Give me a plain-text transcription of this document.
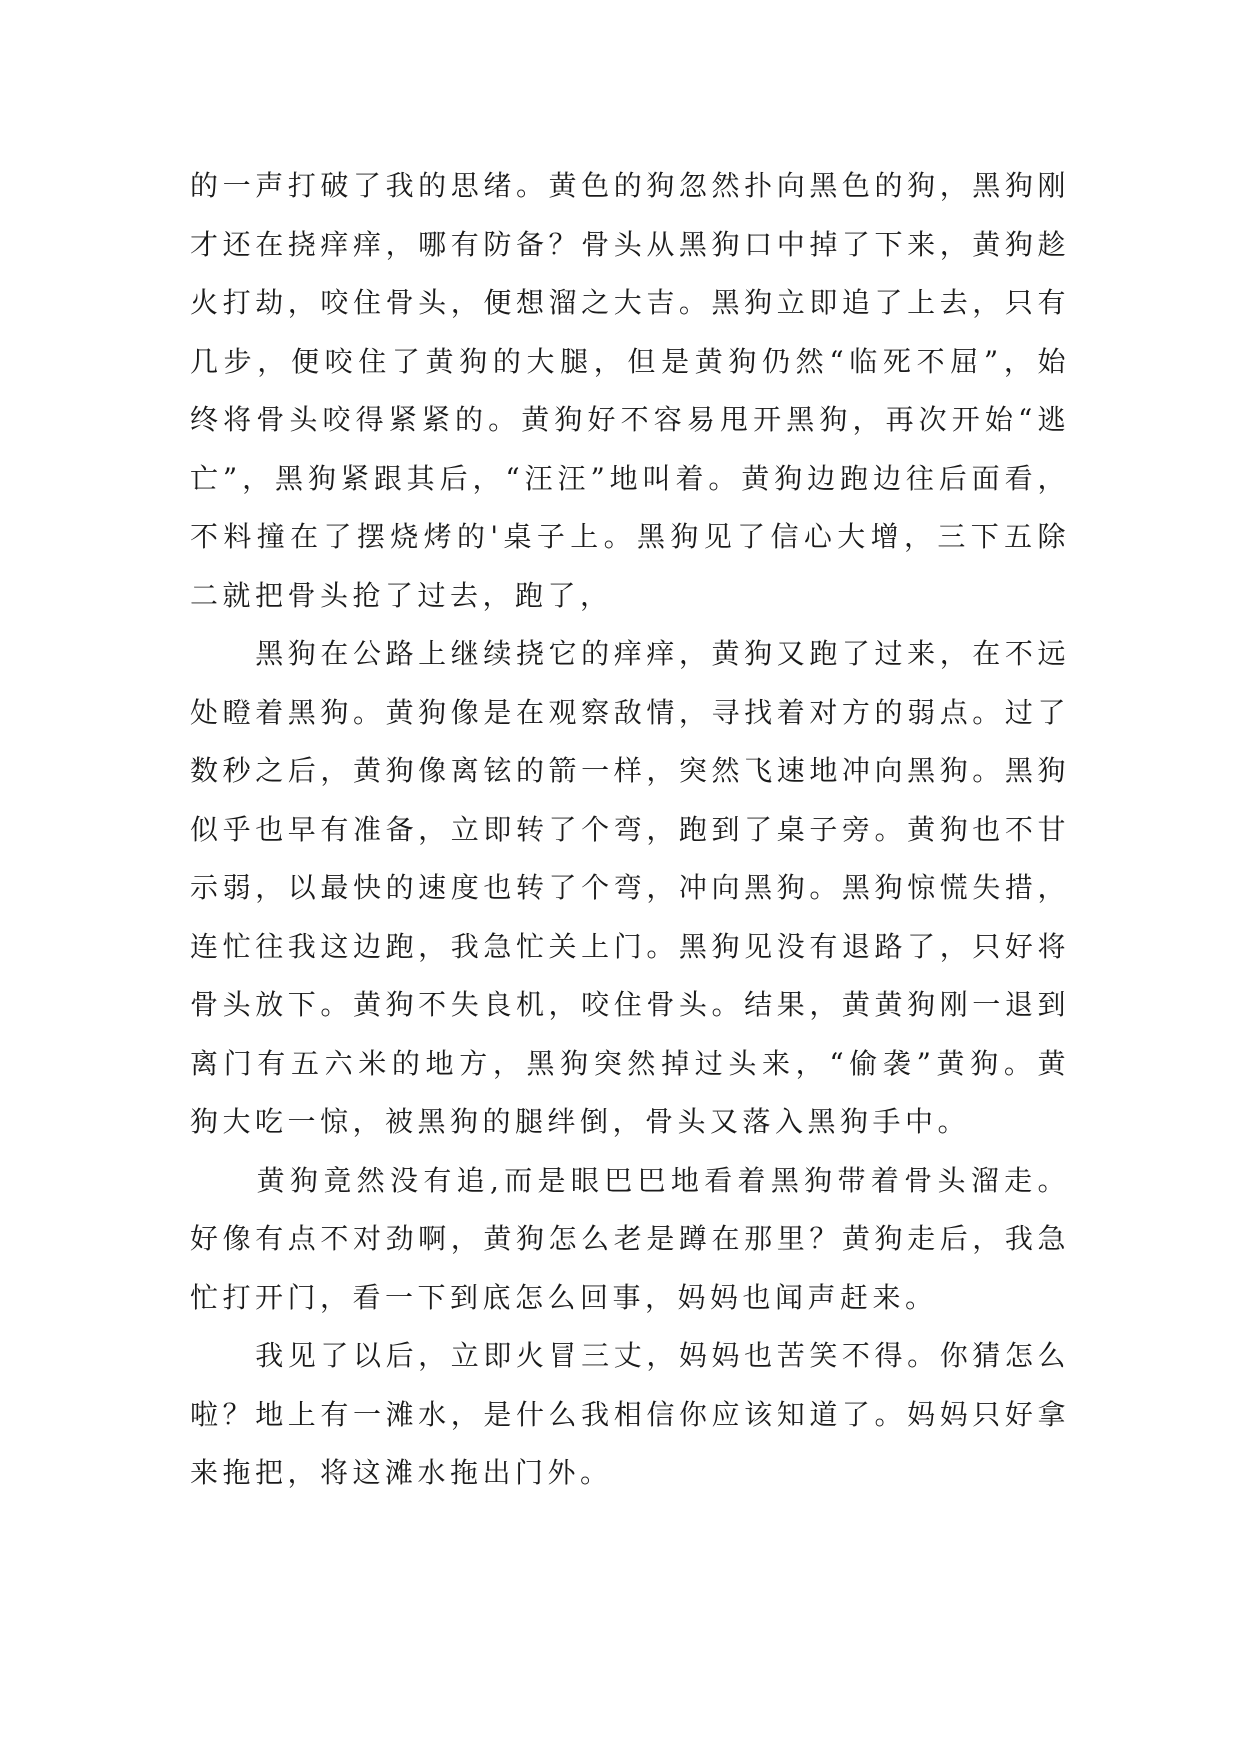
的一声打破了我的思绪。黄色的狗忽然扑向黑色的狗，黑狗刚才还在挠痒痒，哪有防备？骨头从黑狗口中掉了下来，黄狗趁火打劫，咬住骨头，便想溜之大吉。黑狗立即追了上去，只有几步，便咬住了黄狗的大腿，但是黄狗仍然“临死不屈”，始终将骨头咬得紧紧的。黄狗好不容易甩开黑狗，再次开始“逃亡”，黑狗紧跟其后，“汪汪”地叫着。黄狗边跑边往后面看，不料撞在了摆烧烤的'桌子上。黑狗见了信心大增，三下五除二就把骨头抢了过去，跑了，

　　黑狗在公路上继续挠它的痒痒，黄狗又跑了过来，在不远处瞪着黑狗。黄狗像是在观察敌情，寻找着对方的弱点。过了数秒之后，黄狗像离铉的箭一样，突然飞速地冲向黑狗。黑狗似乎也早有准备，立即转了个弯，跑到了桌子旁。黄狗也不甘示弱，以最快的速度也转了个弯，冲向黑狗。黑狗惊慌失措，连忙往我这边跑，我急忙关上门。黑狗见没有退路了，只好将骨头放下。黄狗不失良机，咬住骨头。结果，黄黄狗刚一退到离门有五六米的地方，黑狗突然掉过头来，“偷袭”黄狗。黄狗大吃一惊，被黑狗的腿绊倒，骨头又落入黑狗手中。

　　黄狗竟然没有追,而是眼巴巴地看着黑狗带着骨头溜走。好像有点不对劲啊，黄狗怎么老是蹲在那里？黄狗走后，我急忙打开门，看一下到底怎么回事，妈妈也闻声赶来。

　　我见了以后，立即火冒三丈，妈妈也苦笑不得。你猜怎么啦？地上有一滩水，是什么我相信你应该知道了。妈妈只好拿来拖把，将这滩水拖出门外。
